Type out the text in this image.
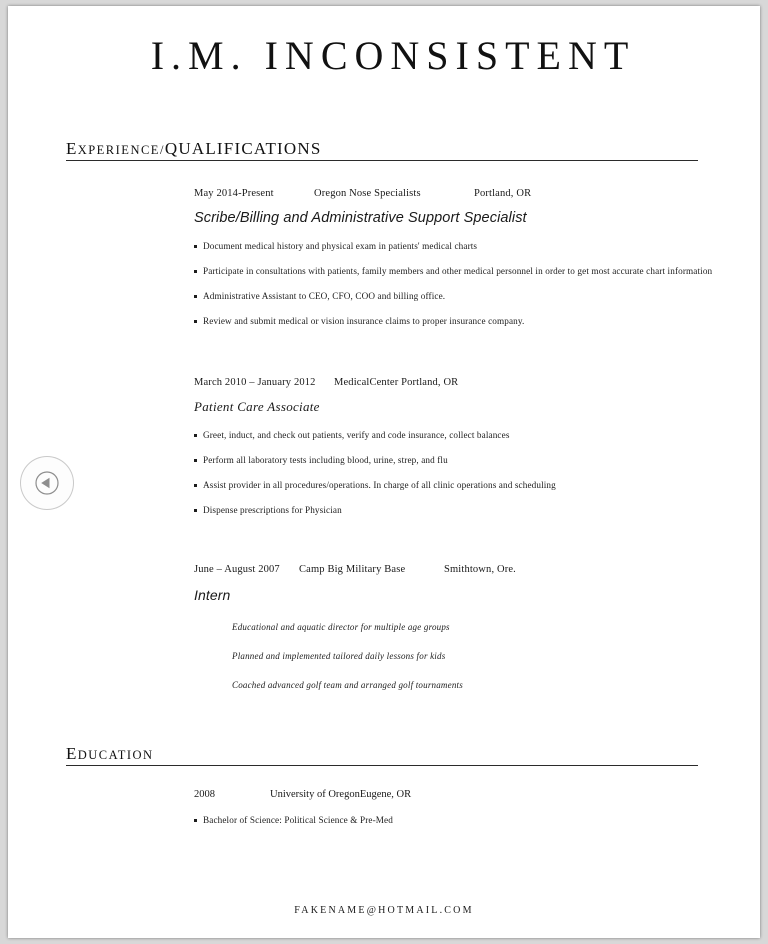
I.M. INCONSISTENT
EXPERIENCE/QUALIFICATIONS
May 2014-Present	Oregon Nose Specialists	Portland, OR
Scribe/Billing and Administrative Support Specialist
Document medical history and physical exam in patients' medical charts
Participate in consultations with patients, family members and other medical personnel in order to get most accurate chart information
Administrative Assistant to CEO, CFO, COO and billing office.
Review and submit medical or vision insurance claims to proper insurance company.
March 2010 – January 2012 MedicalCenter Portland, OR
Patient Care Associate
Greet, induct, and check out patients, verify and code insurance, collect balances
Perform all laboratory tests including blood, urine, strep, and flu
Assist provider in all procedures/operations. In charge of all clinic operations and scheduling
Dispense prescriptions for Physician
June – August 2007 Camp Big Military Base	Smithtown, Ore.
Intern
Educational and aquatic director for multiple age groups
Planned and implemented tailored daily lessons for kids
Coached advanced golf team and arranged golf tournaments
EDUCATION
2008	University of OregonEugene, OR
Bachelor of Science: Political Science & Pre-Med
FAKENAME@HOTMAIL.COM
